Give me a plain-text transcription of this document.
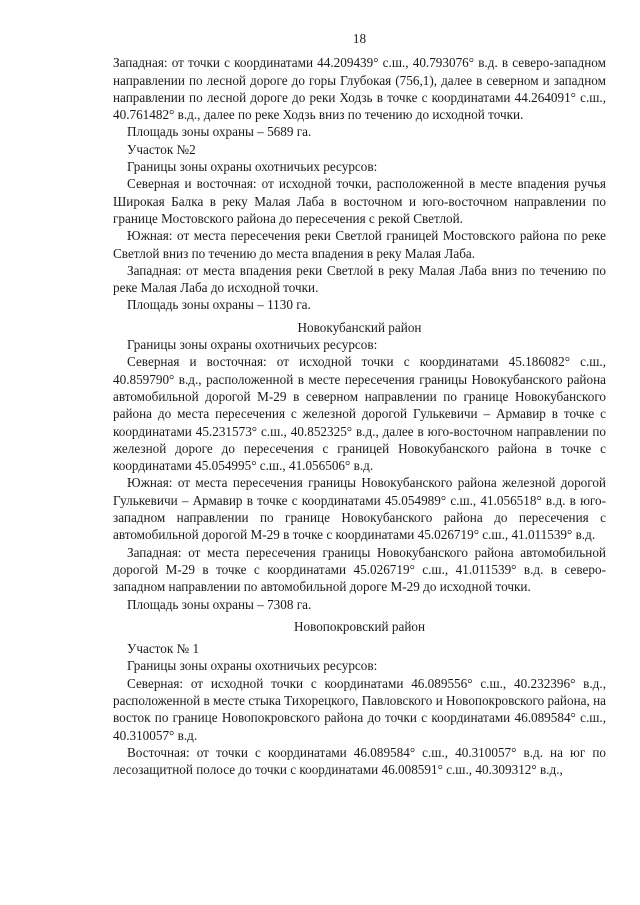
18

Западная: от точки с координатами 44.209439° с.ш., 40.793076° в.д. в северо-западном направлении по лесной дороге до горы Глубокая (756,1), далее в северном и западном направлении по лесной дороге до реки Ходзь в точке с координатами 44.264091° с.ш., 40.761482° в.д., далее по реке Ходзь вниз по течению до исходной точки.

Площадь зоны охраны – 5689 га.

Участок №2

Границы зоны охраны охотничьих ресурсов:

Северная и восточная: от исходной точки, расположенной в месте впадения ручья Широкая Балка в реку Малая Лаба в восточном и юго-восточном направлении по границе Мостовского района до пересечения с рекой Светлой.

Южная: от места пересечения реки Светлой границей Мостовского района по реке Светлой вниз по течению до места впадения в реку Малая Лаба.

Западная: от места впадения реки Светлой в реку Малая Лаба вниз по течению по реке Малая Лаба до исходной точки.

Площадь зоны охраны – 1130 га.

Новокубанский район

Границы зоны охраны охотничьих ресурсов:

Северная и восточная: от исходной точки с координатами 45.186082° с.ш., 40.859790° в.д., расположенной в месте пересечения границы Новокубанского района автомобильной дорогой М-29 в северном направлении по границе Новокубанского района до места пересечения с железной дорогой Гулькевичи – Армавир в точке с координатами 45.231573° с.ш., 40.852325° в.д., далее в юго-восточном направлении по железной дороге до пересечения с границей Новокубанского района в точке с координатами 45.054995° с.ш., 41.056506° в.д.

Южная: от места пересечения границы Новокубанского района железной дорогой Гулькевичи – Армавир в точке с координатами 45.054989° с.ш., 41.056518° в.д. в юго-западном направлении по границе Новокубанского района до пересечения с автомобильной дорогой М-29 в точке с координатами 45.026719° с.ш., 41.011539° в.д.

Западная: от места пересечения границы Новокубанского района автомобильной дорогой М-29 в точке с координатами 45.026719° с.ш., 41.011539° в.д. в северо-западном направлении по автомобильной дороге М-29 до исходной точки.

Площадь зоны охраны – 7308 га.

Новопокровский район

Участок № 1

Границы зоны охраны охотничьих ресурсов:

Северная: от исходной точки с координатами 46.089556° с.ш., 40.232396° в.д., расположенной в месте стыка Тихорецкого, Павловского и Новопокровского района, на восток по границе Новопокровского района до точки с координатами 46.089584° с.ш., 40.310057° в.д.

Восточная: от точки с координатами 46.089584° с.ш., 40.310057° в.д. на юг по лесозащитной полосе до точки с координатами 46.008591° с.ш., 40.309312° в.д.,
